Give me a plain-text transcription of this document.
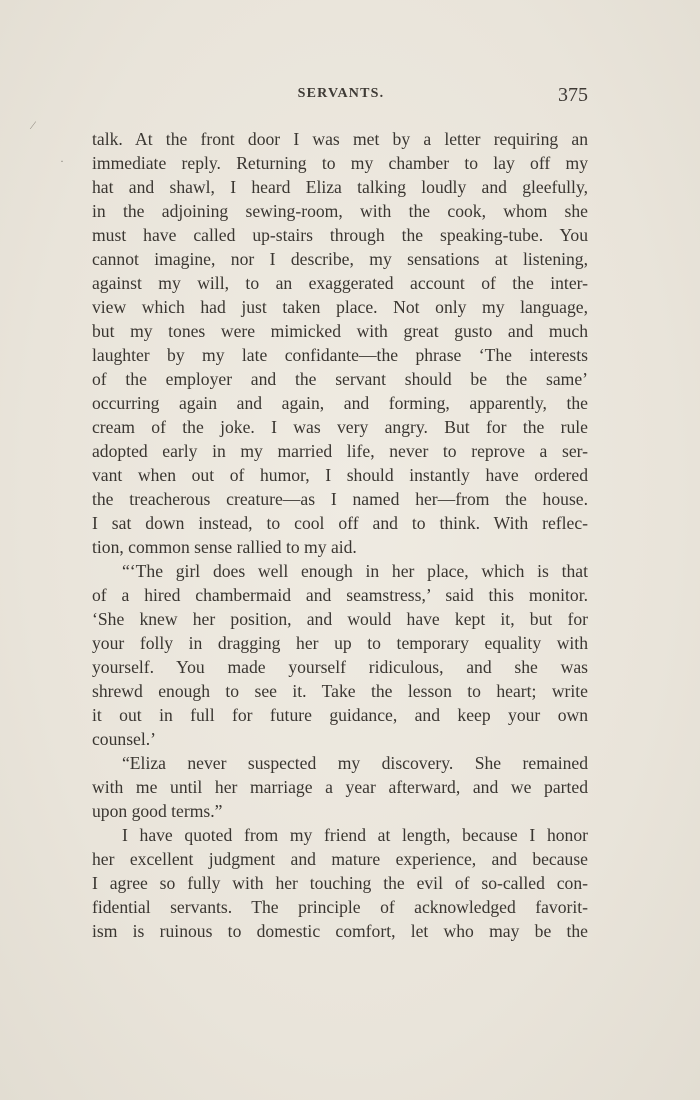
⁄
·
SERVANTS.	375
talk. At the front door I was met by a letter requiring an
immediate reply. Returning to my chamber to lay off my
hat and shawl, I heard Eliza talking loudly and gleefully,
in the adjoining sewing-room, with the cook, whom she
must have called up-stairs through the speaking-tube. You
cannot imagine, nor I describe, my sensations at listening,
against my will, to an exaggerated account of the inter-
view which had just taken place. Not only my language,
but my tones were mimicked with great gusto and much
laughter by my late confidante—the phrase ‘The interests
of the employer and the servant should be the same’
occurring again and again, and forming, apparently, the
cream of the joke. I was very angry. But for the rule
adopted early in my married life, never to reprove a ser-
vant when out of humor, I should instantly have ordered
the treacherous creature—as I named her—from the house.
I sat down instead, to cool off and to think. With reflec-
tion, common sense rallied to my aid.
“‘The girl does well enough in her place, which is that
of a hired chambermaid and seamstress,’ said this monitor.
‘She knew her position, and would have kept it, but for
your folly in dragging her up to temporary equality with
yourself. You made yourself ridiculous, and she was
shrewd enough to see it. Take the lesson to heart; write
it out in full for future guidance, and keep your own
counsel.’
“Eliza never suspected my discovery. She remained
with me until her marriage a year afterward, and we parted
upon good terms.”
I have quoted from my friend at length, because I honor
her excellent judgment and mature experience, and because
I agree so fully with her touching the evil of so-called con-
fidential servants. The principle of acknowledged favorit-
ism is ruinous to domestic comfort, let who may be the
